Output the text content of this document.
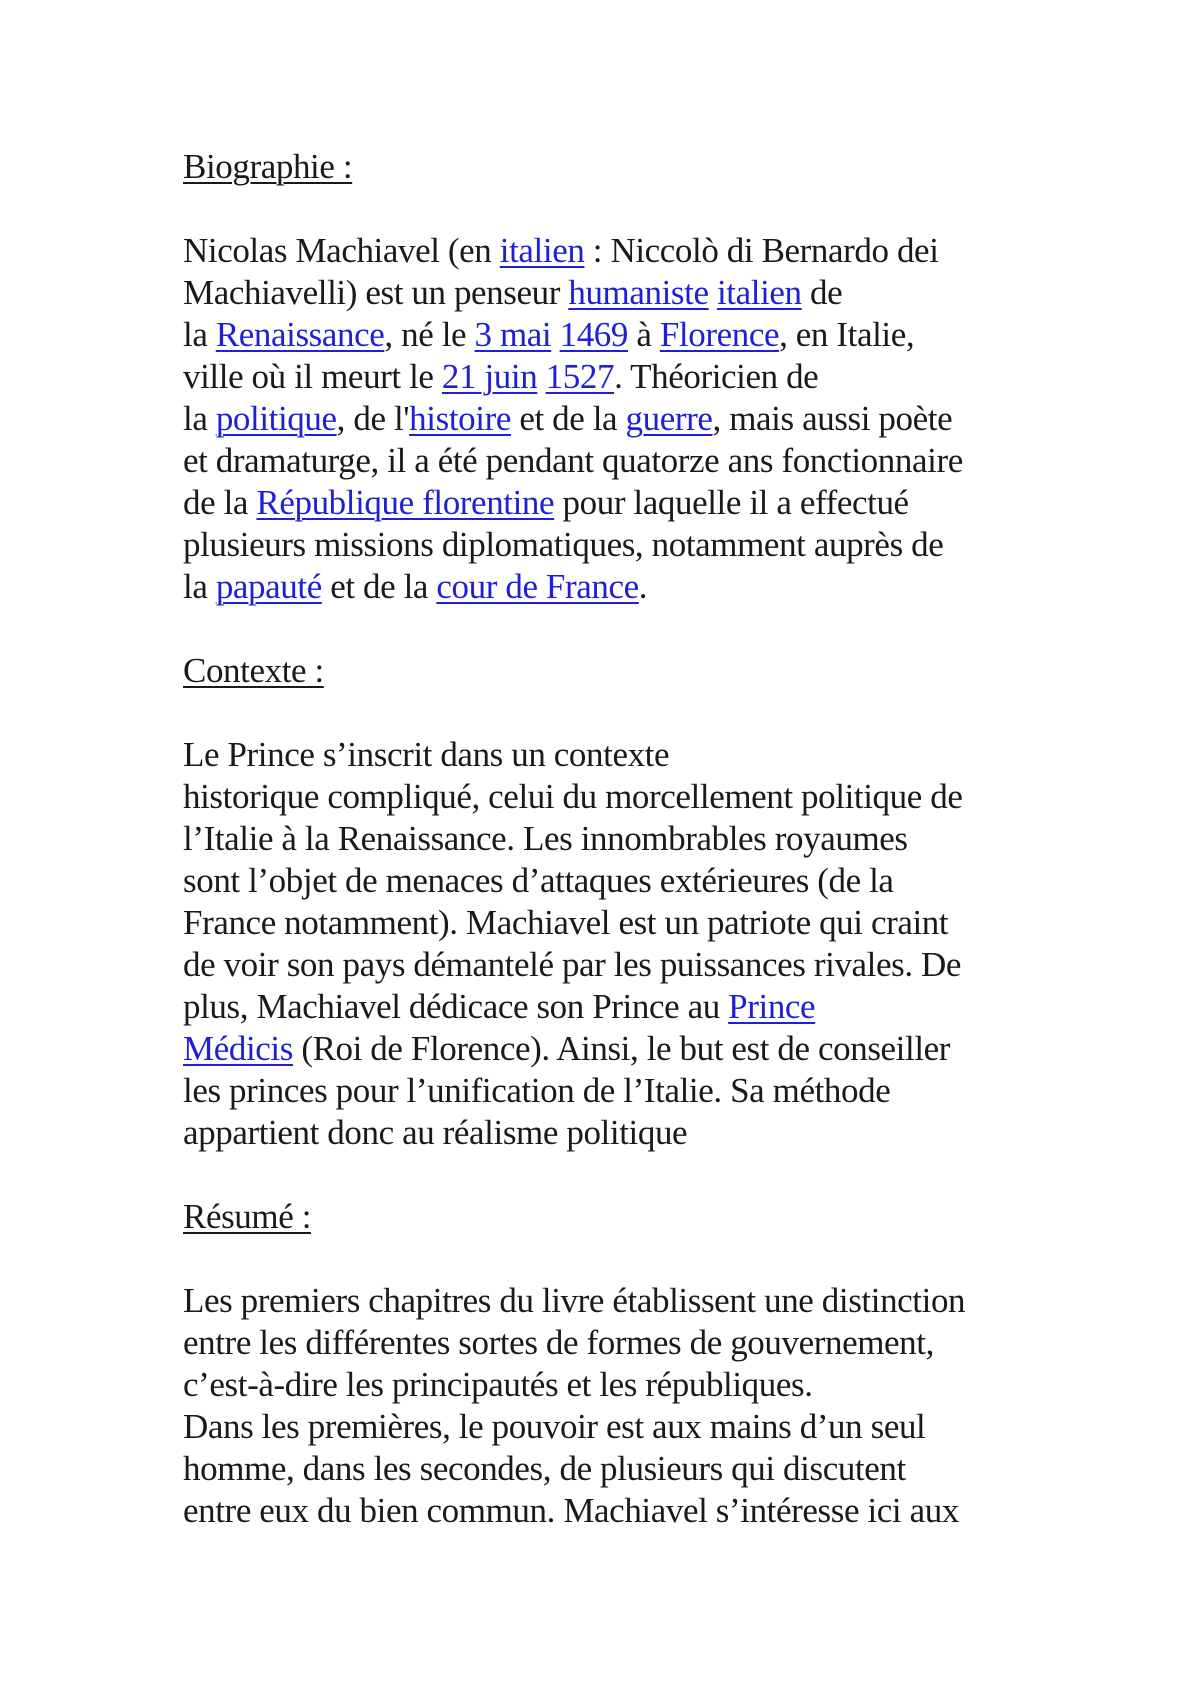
Biographie :
Nicolas Machiavel (en italien : Niccolò di Bernardo dei
Machiavelli) est un penseur humaniste italien de
la Renaissance, né le 3 mai 1469 à Florence, en Italie,
ville où il meurt le 21 juin 1527. Théoricien de
la politique, de l'histoire et de la guerre, mais aussi poète
et dramaturge, il a été pendant quatorze ans fonctionnaire
de la République florentine pour laquelle il a effectué
plusieurs missions diplomatiques, notamment auprès de
la papauté et de la cour de France.
Contexte :
Le Prince s’inscrit dans un contexte
historique compliqué, celui du morcellement politique de
l’Italie à la Renaissance. Les innombrables royaumes
sont l’objet de menaces d’attaques extérieures (de la
France notamment). Machiavel est un patriote qui craint
de voir son pays démantelé par les puissances rivales. De
plus, Machiavel dédicace son Prince au Prince
Médicis (Roi de Florence). Ainsi, le but est de conseiller
les princes pour l’unification de l’Italie. Sa méthode
appartient donc au réalisme politique
Résumé :
Les premiers chapitres du livre établissent une distinction
entre les différentes sortes de formes de gouvernement,
c’est-à-dire les principautés et les républiques.
Dans les premières, le pouvoir est aux mains d’un seul
homme, dans les secondes, de plusieurs qui discutent
entre eux du bien commun. Machiavel s’intéresse ici aux
